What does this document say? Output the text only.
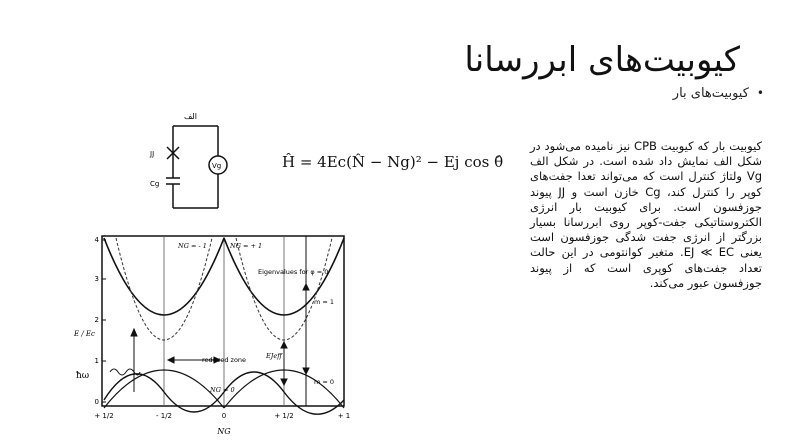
کیوبیت‌های ابررسانا
•کیوبیت‌های بار
کیوبیت بار که کیوبیت CPB نیز نامیده می‌شود در شکل الف نمایش داد شده است. در شکل الف Vg ولتاژ کنترل است که می‌تواند تعدا جفت‌های کوپر را کنترل کند، Cg خازن است و JJ پیوند جوزفسون است. برای کیوبیت بار انرژی الکتروستاتیکی جفت-کوپر روی ابررسانا بسیار بزرگتر از انرژی جفت شدگی جوزفسون است یعنی EJ ≪ EC. متغیر کوانتومی در این حالت تعداد جفت‌های کوپری است که از پیوند جوزفسون عبور می‌کند.
الف
JJ
Cg
Vg	Ĥ = 4Ec(N̂ − Ng)² − Ej cos θ̂
0
1
2
3
4
E / Ec
ħω
NG = - 1	NG = + 1
NG = 0
EJeff
Eigenvalues for φ = 0
reduced zone
m = 1
m = 0
+ 1/2	- 1/2	0	+ 1/2	+ 1
NG
